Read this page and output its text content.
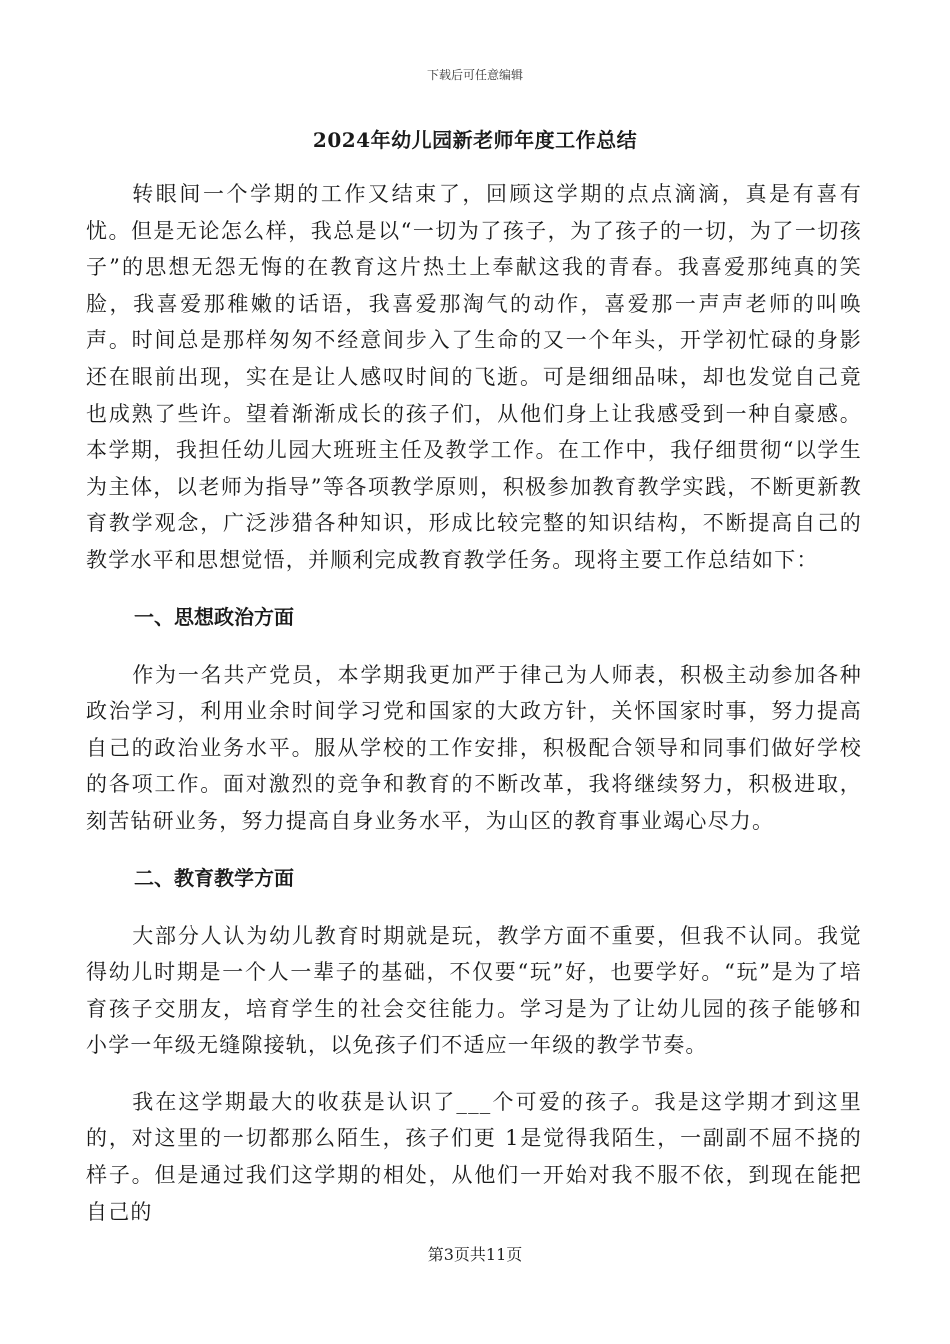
下载后可任意编辑
2024年幼儿园新老师年度工作总结

转眼间一个学期的工作又结束了，回顾这学期的点点滴滴，真是有喜有忧。但是无论怎么样，我总是以“一切为了孩子，为了孩子的一切，为了一切孩子”的思想无怨无悔的在教育这片热土上奉献这我的青春。我喜爱那纯真的笑脸，我喜爱那稚嫩的话语，我喜爱那淘气的动作，喜爱那一声声老师的叫唤声。时间总是那样匆匆不经意间步入了生命的又一个年头，开学初忙碌的身影还在眼前出现，实在是让人感叹时间的飞逝。可是细细品味，却也发觉自己竟也成熟了些许。望着渐渐成长的孩子们，从他们身上让我感受到一种自豪感。本学期，我担任幼儿园大班班主任及教学工作。在工作中，我仔细贯彻“以学生为主体，以老师为指导”等各项教学原则，积极参加教育教学实践，不断更新教育教学观念，广泛涉猎各种知识，形成比较完整的知识结构，不断提高自己的教学水平和思想觉悟，并顺利完成教育教学任务。现将主要工作总结如下：

一、思想政治方面

作为一名共产党员，本学期我更加严于律己为人师表，积极主动参加各种政治学习，利用业余时间学习党和国家的大政方针，关怀国家时事，努力提高自己的政治业务水平。服从学校的工作安排，积极配合领导和同事们做好学校的各项工作。面对激烈的竞争和教育的不断改革，我将继续努力，积极进取，刻苦钻研业务，努力提高自身业务水平，为山区的教育事业竭心尽力。

二、教育教学方面

大部分人认为幼儿教育时期就是玩，教学方面不重要，但我不认同。我觉得幼儿时期是一个人一辈子的基础，不仅要“玩”好，也要学好。“玩”是为了培育孩子交朋友，培育学生的社会交往能力。学习是为了让幼儿园的孩子能够和小学一年级无缝隙接轨，以免孩子们不适应一年级的教学节奏。

我在这学期最大的收获是认识了___个可爱的孩子。我是这学期才到这里的，对这里的一切都那么陌生，孩子们更 1是觉得我陌生，一副副不屈不挠的样子。但是通过我们这学期的相处，从他们一开始对我不服不依，到现在能把自己的

第3页共11页
